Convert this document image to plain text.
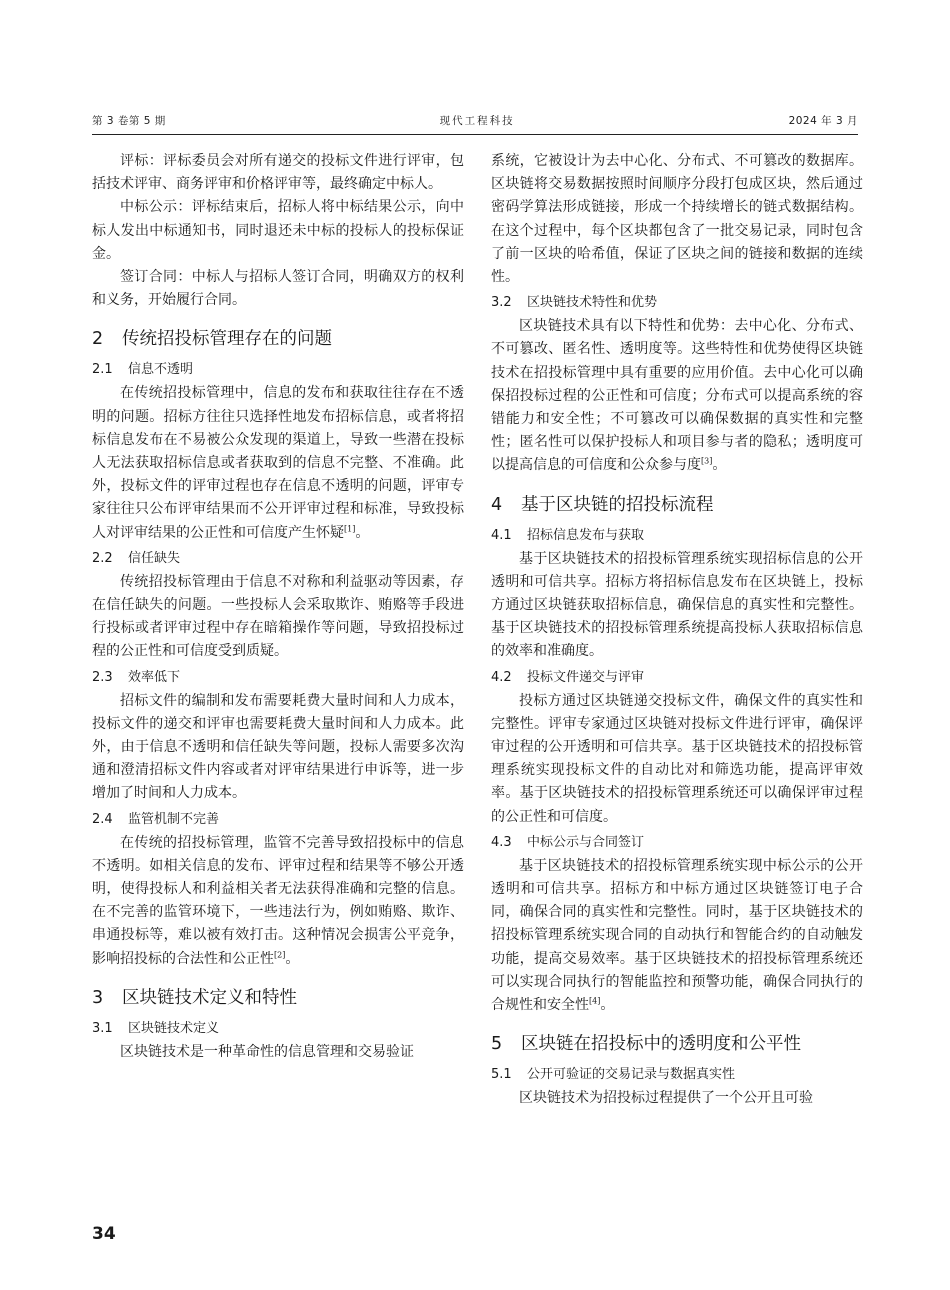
第 3 卷第 5 期	现代工程科技	2024 年 3 月

评标：评标委员会对所有递交的投标文件进行评审，包括技术评审、商务评审和价格评审等，最终确定中标人。

中标公示：评标结束后，招标人将中标结果公示，向中标人发出中标通知书，同时退还未中标的投标人的投标保证金。

签订合同：中标人与招标人签订合同，明确双方的权利和义务，开始履行合同。

2 传统招投标管理存在的问题
2.1 信息不透明

在传统招投标管理中，信息的发布和获取往往存在不透明的问题。招标方往往只选择性地发布招标信息，或者将招标信息发布在不易被公众发现的渠道上，导致一些潜在投标人无法获取招标信息或者获取到的信息不完整、不准确。此外，投标文件的评审过程也存在信息不透明的问题，评审专家往往只公布评审结果而不公开评审过程和标准，导致投标人对评审结果的公正性和可信度产生怀疑[1]。

2.2 信任缺失

传统招投标管理由于信息不对称和利益驱动等因素，存在信任缺失的问题。一些投标人会采取欺诈、贿赂等手段进行投标或者评审过程中存在暗箱操作等问题，导致招投标过程的公正性和可信度受到质疑。

2.3 效率低下

招标文件的编制和发布需要耗费大量时间和人力成本，投标文件的递交和评审也需要耗费大量时间和人力成本。此外，由于信息不透明和信任缺失等问题，投标人需要多次沟通和澄清招标文件内容或者对评审结果进行申诉等，进一步增加了时间和人力成本。

2.4 监管机制不完善

在传统的招投标管理，监管不完善导致招投标中的信息不透明。如相关信息的发布、评审过程和结果等不够公开透明，使得投标人和利益相关者无法获得准确和完整的信息。在不完善的监管环境下，一些违法行为，例如贿赂、欺诈、串通投标等，难以被有效打击。这种情况会损害公平竞争，影响招投标的合法性和公正性[2]。

3 区块链技术定义和特性
3.1 区块链技术定义

区块链技术是一种革命性的信息管理和交易验证

系统，它被设计为去中心化、分布式、不可篡改的数据库。区块链将交易数据按照时间顺序分段打包成区块，然后通过密码学算法形成链接，形成一个持续增长的链式数据结构。在这个过程中，每个区块都包含了一批交易记录，同时包含了前一区块的哈希值，保证了区块之间的链接和数据的连续性。

3.2 区块链技术特性和优势

区块链技术具有以下特性和优势：去中心化、分布式、不可篡改、匿名性、透明度等。这些特性和优势使得区块链技术在招投标管理中具有重要的应用价值。去中心化可以确保招投标过程的公正性和可信度；分布式可以提高系统的容错能力和安全性；不可篡改可以确保数据的真实性和完整性；匿名性可以保护投标人和项目参与者的隐私；透明度可以提高信息的可信度和公众参与度[3]。

4 基于区块链的招投标流程
4.1 招标信息发布与获取

基于区块链技术的招投标管理系统实现招标信息的公开透明和可信共享。招标方将招标信息发布在区块链上，投标方通过区块链获取招标信息，确保信息的真实性和完整性。基于区块链技术的招投标管理系统提高投标人获取招标信息的效率和准确度。

4.2 投标文件递交与评审

投标方通过区块链递交投标文件，确保文件的真实性和完整性。评审专家通过区块链对投标文件进行评审，确保评审过程的公开透明和可信共享。基于区块链技术的招投标管理系统实现投标文件的自动比对和筛选功能，提高评审效率。基于区块链技术的招投标管理系统还可以确保评审过程的公正性和可信度。

4.3 中标公示与合同签订

基于区块链技术的招投标管理系统实现中标公示的公开透明和可信共享。招标方和中标方通过区块链签订电子合同，确保合同的真实性和完整性。同时，基于区块链技术的招投标管理系统实现合同的自动执行和智能合约的自动触发功能，提高交易效率。基于区块链技术的招投标管理系统还可以实现合同执行的智能监控和预警功能，确保合同执行的合规性和安全性[4]。

5 区块链在招投标中的透明度和公平性
5.1 公开可验证的交易记录与数据真实性

区块链技术为招投标过程提供了一个公开且可验

34
